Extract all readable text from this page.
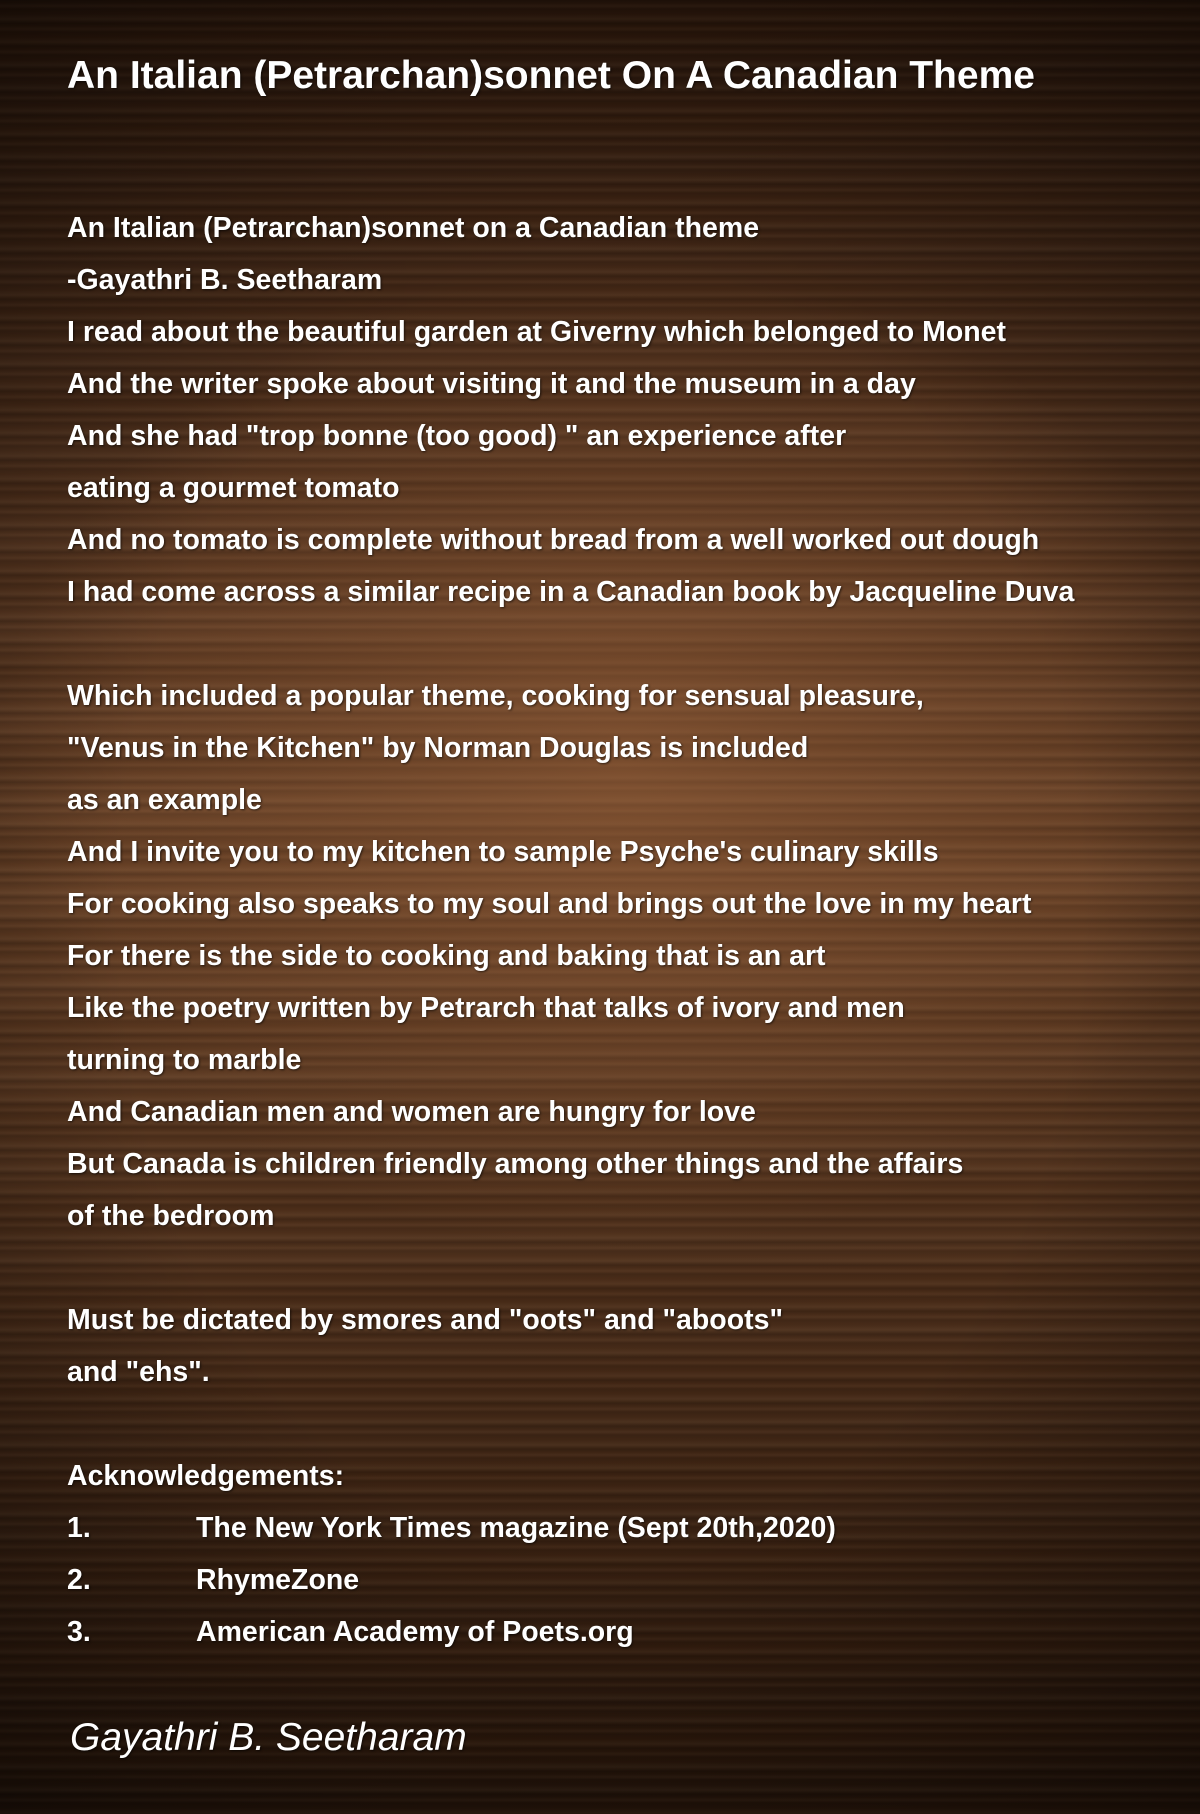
An Italian (Petrarchan)sonnet On A Canadian Theme
An Italian (Petrarchan)sonnet on a Canadian theme
-Gayathri B. Seetharam
I read about the beautiful garden at Giverny which belonged to Monet
And the writer spoke about visiting it and the museum in a day
And she had "trop bonne (too good) " an experience after
eating a gourmet tomato
And no tomato is complete without bread from a well worked out dough
I had come across a similar recipe in a Canadian book by Jacqueline Duva
Which included a popular theme, cooking for sensual pleasure,
"Venus in the Kitchen" by Norman Douglas is included
as an example
And I invite you to my kitchen to sample Psyche's culinary skills
For cooking also speaks to my soul and brings out the love in my heart
For there is the side to cooking and baking that is an art
Like the poetry written by Petrarch that talks of ivory and men
turning to marble
And Canadian men and women are hungry for love
But Canada is children friendly among other things and the affairs
of the bedroom
Must be dictated by smores and "oots" and "aboots"
and "ehs".
Acknowledgements:
1.	The New York Times magazine (Sept 20th,2020)
2.	RhymeZone
3.	American Academy of Poets.org
Gayathri B. Seetharam
